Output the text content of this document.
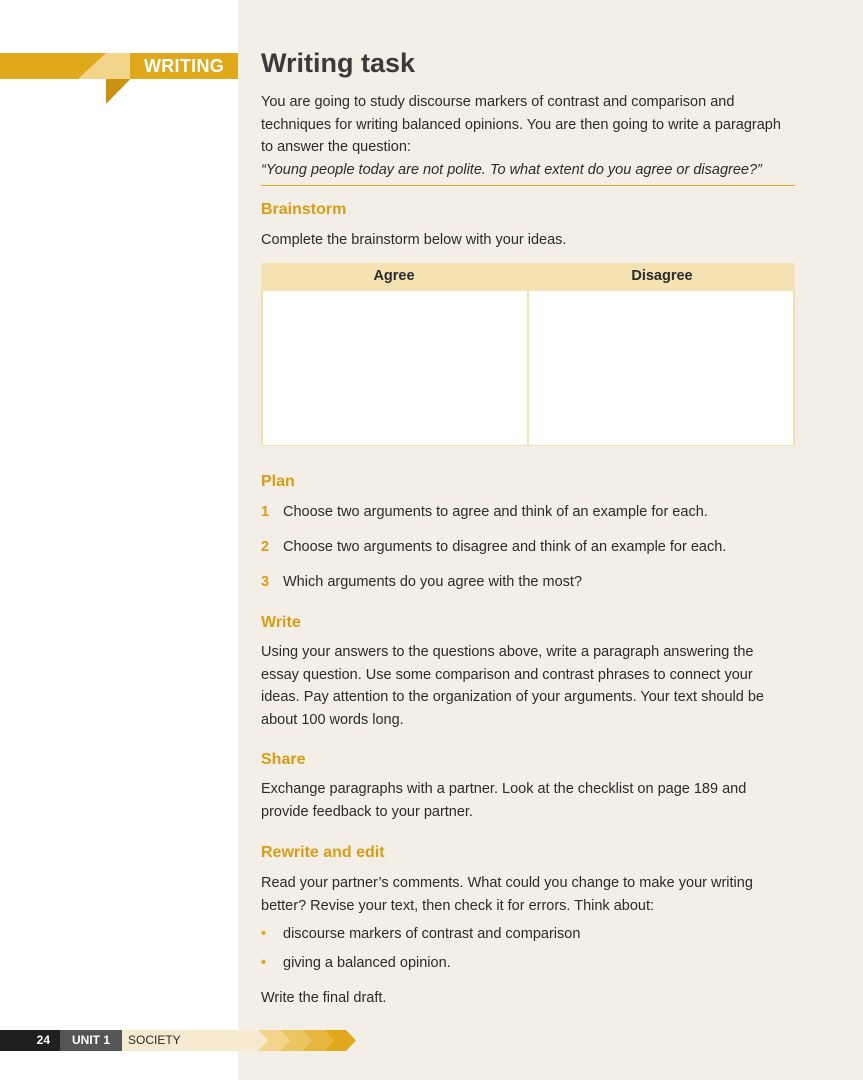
WRITING	Writing task

You are going to study discourse markers of contrast and comparison and techniques for writing balanced opinions. You are then going to write a paragraph to answer the question:
“Young people today are not polite. To what extent do you agree or disagree?”

Brainstorm

Complete the brainstorm below with your ideas.

Agree	Disagree
Plan
1 Choose two arguments to agree and think of an example for each.
2 Choose two arguments to disagree and think of an example for each.
3 Which arguments do you agree with the most?
Write

Using your answers to the questions above, write a paragraph answering the essay question. Use some comparison and contrast phrases to connect your ideas. Pay attention to the organization of your arguments. Your text should be about 100 words long.

Share

Exchange paragraphs with a partner. Look at the checklist on page 189 and provide feedback to your partner.

Rewrite and edit

Read your partner’s comments. What could you change to make your writing better? Revise your text, then check it for errors. Think about:

• discourse markers of contrast and comparison
• giving a balanced opinion.

Write the final draft.

24	UNIT 1	SOCIETY
